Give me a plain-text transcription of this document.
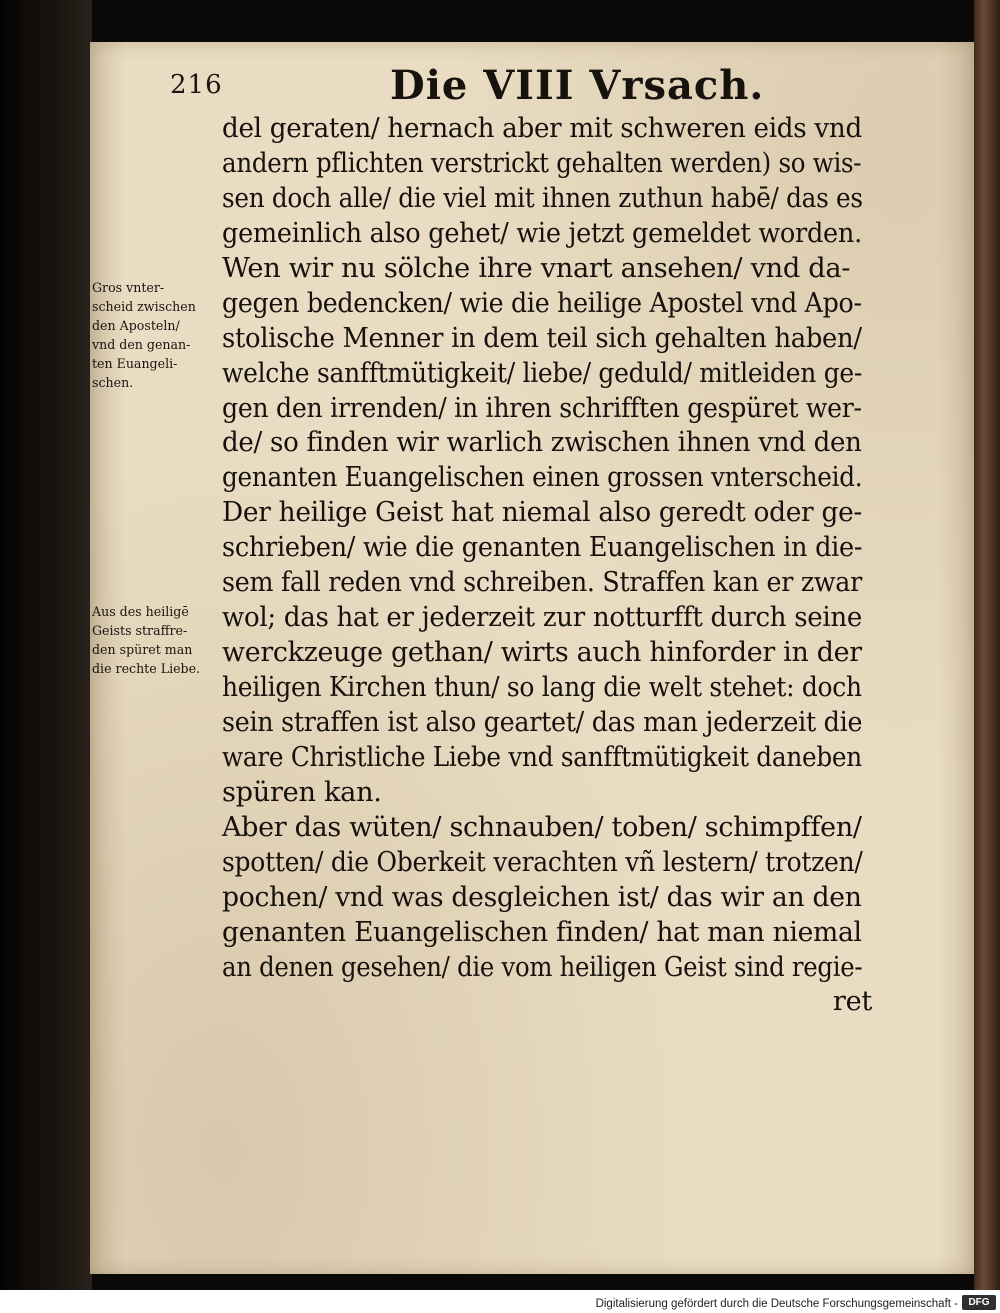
216	Die VIII Vrsach.
Gros vnter-
scheid zwischen
den Aposteln/
vnd den genan-
ten Euangeli-
schen.
Aus des heiligē
Geists straffre-
den spüret man
die rechte Liebe.
del geraten/ hernach aber mit schweren eids vnd
andern pflichten verstrickt gehalten werden) so wis-
sen doch alle/ die viel mit ihnen zuthun habē/ das es
gemeinlich also gehet/ wie jetzt gemeldet worden.
Wen wir nu sölche ihre vnart ansehen/ vnd da-
gegen bedencken/ wie die heilige Apostel vnd Apo-
stolische Menner in dem teil sich gehalten haben/
welche sanfftmütigkeit/ liebe/ geduld/ mitleiden ge-
gen den irrenden/ in ihren schrifften gespüret wer-
de/ so finden wir warlich zwischen ihnen vnd den
genanten Euangelischen einen grossen vnterscheid.
Der heilige Geist hat niemal also geredt oder ge-
schrieben/ wie die genanten Euangelischen in die-
sem fall reden vnd schreiben. Straffen kan er zwar
wol; das hat er jederzeit zur notturfft durch seine
werckzeuge gethan/ wirts auch hinforder in der
heiligen Kirchen thun/ so lang die welt stehet: doch
sein straffen ist also geartet/ das man jederzeit die
ware Christliche Liebe vnd sanfftmütigkeit daneben
spüren kan.
Aber das wüten/ schnauben/ toben/ schimpffen/
spotten/ die Oberkeit verachten vñ lestern/ trotzen/
pochen/ vnd was desgleichen ist/ das wir an den
genanten Euangelischen finden/ hat man niemal
an denen gesehen/ die vom heiligen Geist sind regie-
ret
Digitalisierung gefördert durch die Deutsche Forschungsgemeinschaft -	DFG
